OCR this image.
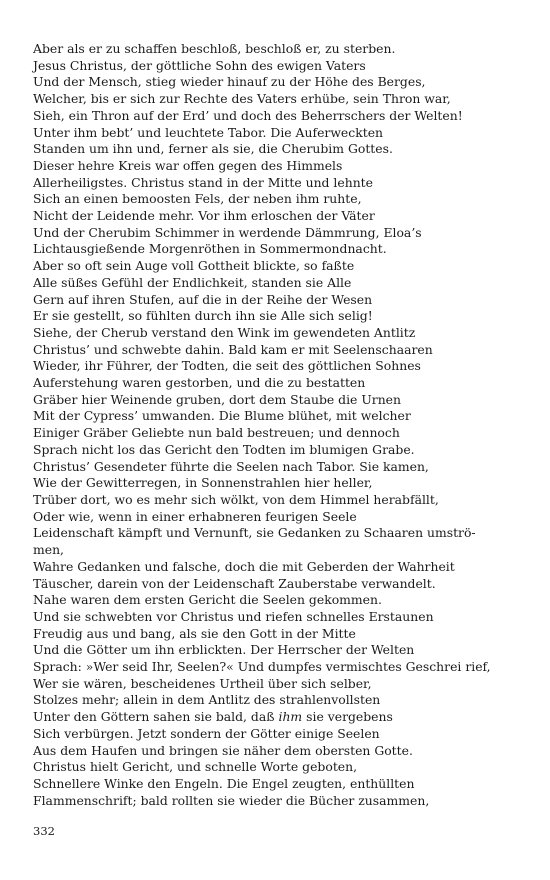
Aber als er zu schaffen beschloß, beschloß er, zu sterben.
Jesus Christus, der göttliche Sohn des ewigen Vaters
Und der Mensch, stieg wieder hinauf zu der Höhe des Berges,
Welcher, bis er sich zur Rechte des Vaters erhübe, sein Thron war,
Sieh, ein Thron auf der Erd’ und doch des Beherrschers der Welten!
Unter ihm bebt’ und leuchtete Tabor. Die Auferweckten
Standen um ihn und, ferner als sie, die Cherubim Gottes.
Dieser hehre Kreis war offen gegen des Himmels
Allerheiligstes. Christus stand in der Mitte und lehnte
Sich an einen bemoosten Fels, der neben ihm ruhte,
Nicht der Leidende mehr. Vor ihm erloschen der Väter
Und der Cherubim Schimmer in werdende Dämmrung, Eloa’s
Lichtausgießende Morgenröthen in Sommermondnacht.
Aber so oft sein Auge voll Gottheit blickte, so faßte
Alle süßes Gefühl der Endlichkeit, standen sie Alle
Gern auf ihren Stufen, auf die in der Reihe der Wesen
Er sie gestellt, so fühlten durch ihn sie Alle sich selig!
Siehe, der Cherub verstand den Wink im gewendeten Antlitz
Christus’ und schwebte dahin. Bald kam er mit Seelenschaaren
Wieder, ihr Führer, der Todten, die seit des göttlichen Sohnes
Auferstehung waren gestorben, und die zu bestatten
Gräber hier Weinende gruben, dort dem Staube die Urnen
Mit der Cypress’ umwanden. Die Blume blühet, mit welcher
Einiger Gräber Geliebte nun bald bestreuen; und dennoch
Sprach nicht los das Gericht den Todten im blumigen Grabe.
Christus’ Gesendeter führte die Seelen nach Tabor. Sie kamen,
Wie der Gewitterregen, in Sonnenstrahlen hier heller,
Trüber dort, wo es mehr sich wölkt, von dem Himmel herabfällt,
Oder wie, wenn in einer erhabneren feurigen Seele
Leidenschaft kämpft und Vernunft, sie Gedanken zu Schaaren umströ-
men,
Wahre Gedanken und falsche, doch die mit Geberden der Wahrheit
Täuscher, darein von der Leidenschaft Zauberstabe verwandelt.
Nahe waren dem ersten Gericht die Seelen gekommen.
Und sie schwebten vor Christus und riefen schnelles Erstaunen
Freudig aus und bang, als sie den Gott in der Mitte
Und die Götter um ihn erblickten. Der Herrscher der Welten
Sprach: »Wer seid Ihr, Seelen?« Und dumpfes vermischtes Geschrei rief,
Wer sie wären, bescheidenes Urtheil über sich selber,
Stolzes mehr; allein in dem Antlitz des strahlenvollsten
Unter den Göttern sahen sie bald, daß ihm sie vergebens
Sich verbürgen. Jetzt sondern der Götter einige Seelen
Aus dem Haufen und bringen sie näher dem obersten Gotte.
Christus hielt Gericht, und schnelle Worte geboten,
Schnellere Winke den Engeln. Die Engel zeugten, enthüllten
Flammenschrift; bald rollten sie wieder die Bücher zusammen,
332
